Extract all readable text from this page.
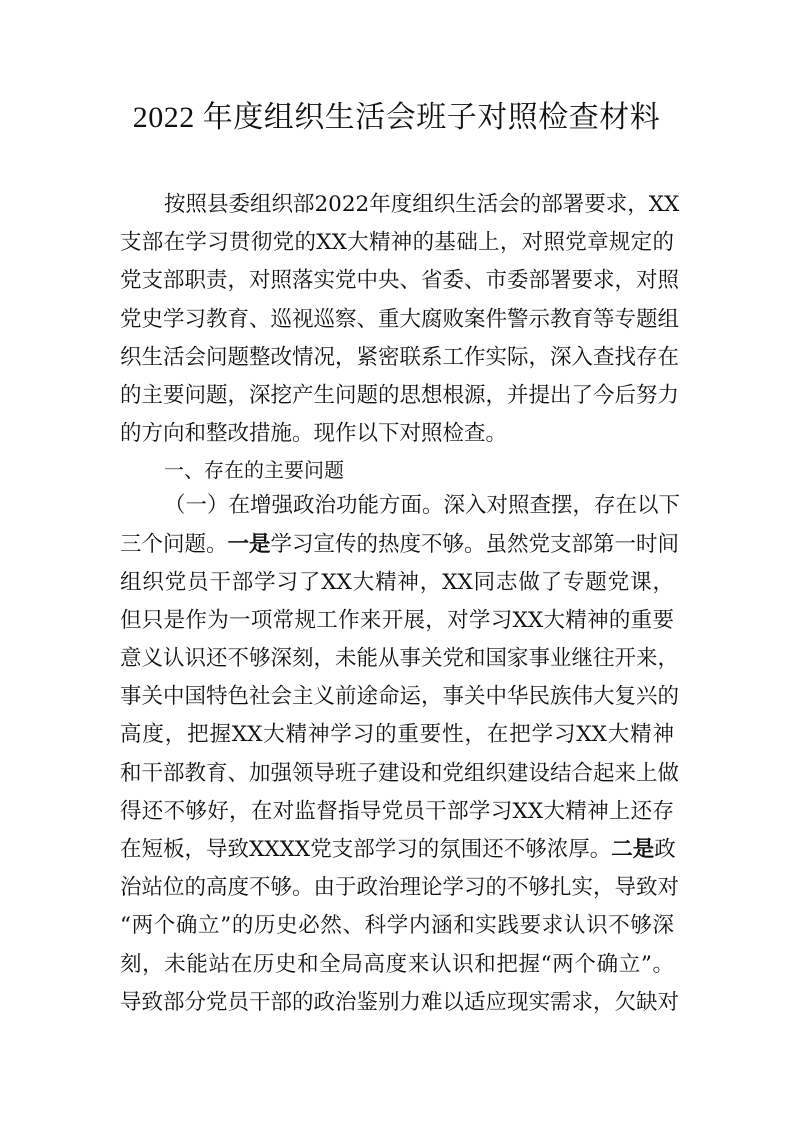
2022 年度组织生活会班子对照检查材料
按照县委组织部2022年度组织生活会的部署要求，XX
支部在学习贯彻党的XX大精神的基础上，对照党章规定的
党支部职责，对照落实党中央、省委、市委部署要求，对照
党史学习教育、巡视巡察、重大腐败案件警示教育等专题组
织生活会问题整改情况，紧密联系工作实际，深入查找存在
的主要问题，深挖产生问题的思想根源，并提出了今后努力
的方向和整改措施。现作以下对照检查。
一、存在的主要问题
（一）在增强政治功能方面。深入对照查摆，存在以下
三个问题。一是学习宣传的热度不够。虽然党支部第一时间
组织党员干部学习了XX大精神，XX同志做了专题党课，
但只是作为一项常规工作来开展，对学习XX大精神的重要
意义认识还不够深刻，未能从事关党和国家事业继往开来，
事关中国特色社会主义前途命运，事关中华民族伟大复兴的
高度，把握XX大精神学习的重要性，在把学习XX大精神
和干部教育、加强领导班子建设和党组织建设结合起来上做
得还不够好，在对监督指导党员干部学习XX大精神上还存
在短板，导致XXXX党支部学习的氛围还不够浓厚。二是政
治站位的高度不够。由于政治理论学习的不够扎实，导致对
“两个确立”的历史必然、科学内涵和实践要求认识不够深
刻，未能站在历史和全局高度来认识和把握“两个确立”。
导致部分党员干部的政治鉴别力难以适应现实需求，欠缺对
